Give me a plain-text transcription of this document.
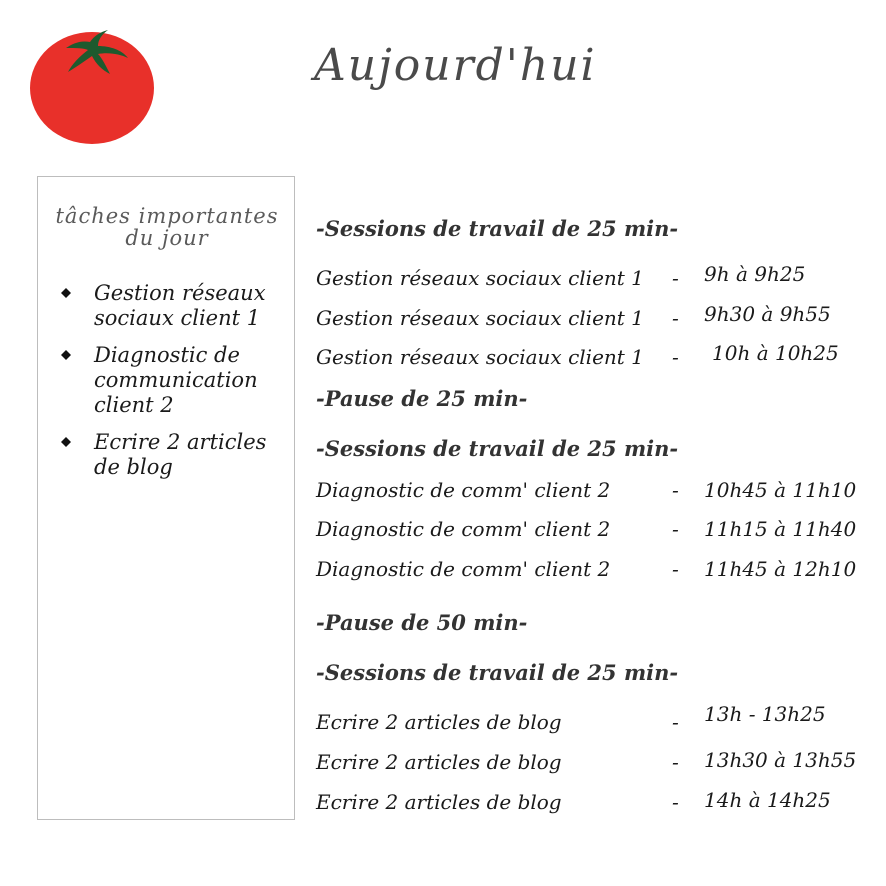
Aujourd'hui
tâches importantes
du jour
Gestion réseaux
sociaux client 1
Diagnostic de
communication
client 2
Ecrire 2 articles
de blog
-Sessions de travail de 25 min-
Gestion réseaux sociaux client 1 - 9h à 9h25
Gestion réseaux sociaux client 1 - 9h30 à 9h55
Gestion réseaux sociaux client 1 - 10h à 10h25
-Pause de 25 min-
-Sessions de travail de 25 min-
Diagnostic de comm' client 2	- 10h45 à 11h10
Diagnostic de comm' client 2	- 11h15 à 11h40
Diagnostic de comm' client 2	- 11h45 à 12h10
-Pause de 50 min-
-Sessions de travail de 25 min-
Ecrire 2 articles de blog	- 13h - 13h25
Ecrire 2 articles de blog	- 13h30 à 13h55
Ecrire 2 articles de blog	- 14h à 14h25
